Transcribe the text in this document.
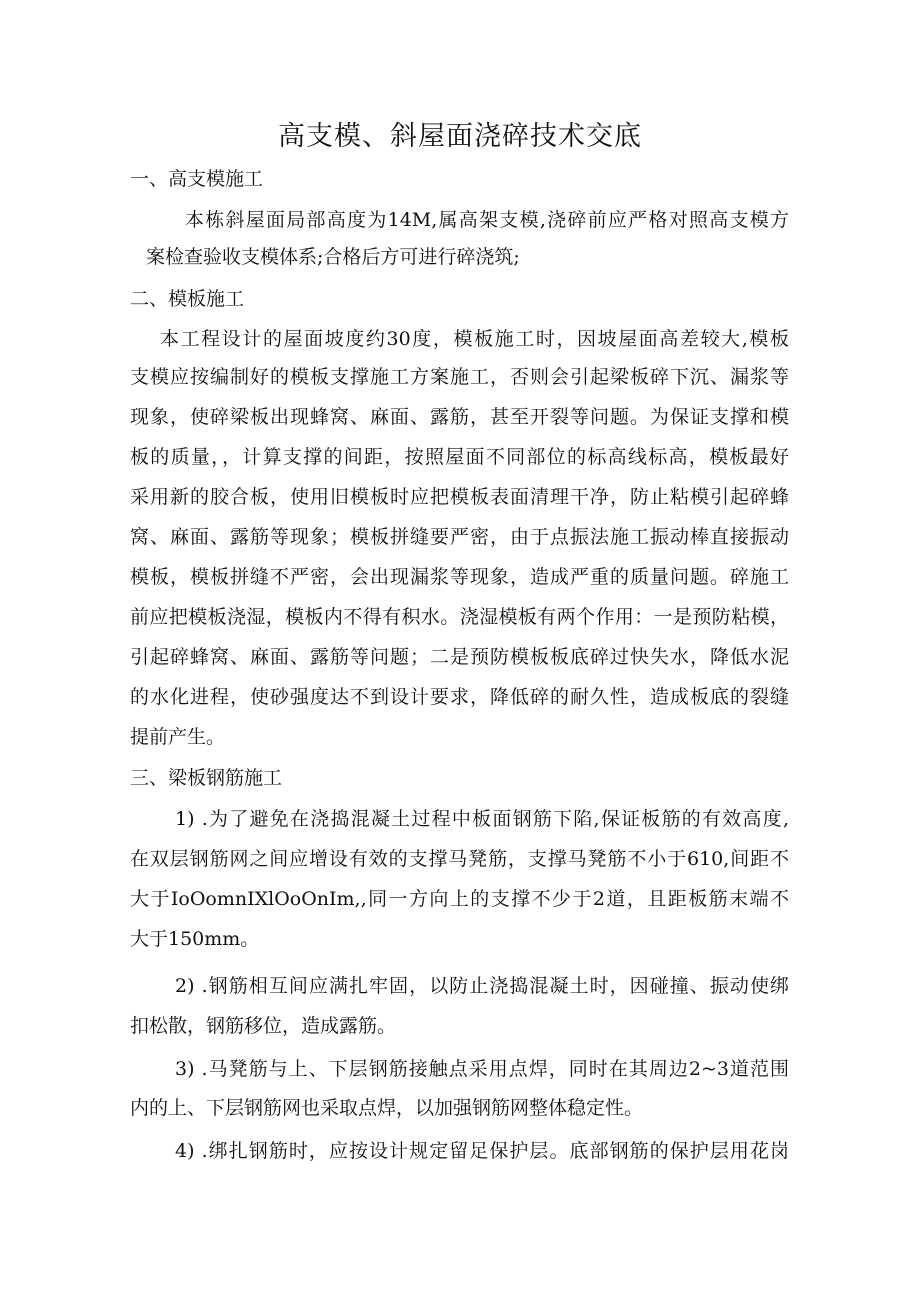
高支模、斜屋面浇碎技术交底
一、高支模施工
本栋斜屋面局部高度为14M,属高架支模,浇碎前应严格对照高支模方
案检查验收支模体系;合格后方可进行碎浇筑;
二、模板施工
本工程设计的屋面坡度约30度，模板施工时，因坡屋面高差较大,模板
支模应按编制好的模板支撑施工方案施工，否则会引起梁板碎下沉、漏浆等
现象，使碎梁板出现蜂窝、麻面、露筋，甚至开裂等问题。为保证支撑和模
板的质量，，计算支撑的间距，按照屋面不同部位的标高线标高，模板最好
采用新的胶合板，使用旧模板时应把模板表面清理干净，防止粘模引起碎蜂
窝、麻面、露筋等现象；模板拼缝要严密，由于点振法施工振动棒直接振动
模板，模板拼缝不严密，会出现漏浆等现象，造成严重的质量问题。碎施工
前应把模板浇湿，模板内不得有积水。浇湿模板有两个作用：一是预防粘模，
引起碎蜂窝、麻面、露筋等问题；二是预防模板板底碎过快失水，降低水泥
的水化进程，使砂强度达不到设计要求，降低碎的耐久性，造成板底的裂缝
提前产生。
三、梁板钢筋施工
1) .为了避免在浇捣混凝土过程中板面钢筋下陷,保证板筋的有效高度,
在双层钢筋网之间应增设有效的支撑马凳筋，支撑马凳筋不小于610,间距不
大于IoOomnIXlOoOnIm,,同一方向上的支撑不少于2道，且距板筋末端不
大于150mm。
2) .钢筋相互间应满扎牢固，以防止浇捣混凝土时，因碰撞、振动使绑
扣松散，钢筋移位，造成露筋。
3) .马凳筋与上、下层钢筋接触点采用点焊，同时在其周边2~3道范围
内的上、下层钢筋网也采取点焊，以加强钢筋网整体稳定性。
4) .绑扎钢筋时，应按设计规定留足保护层。底部钢筋的保护层用花岗
